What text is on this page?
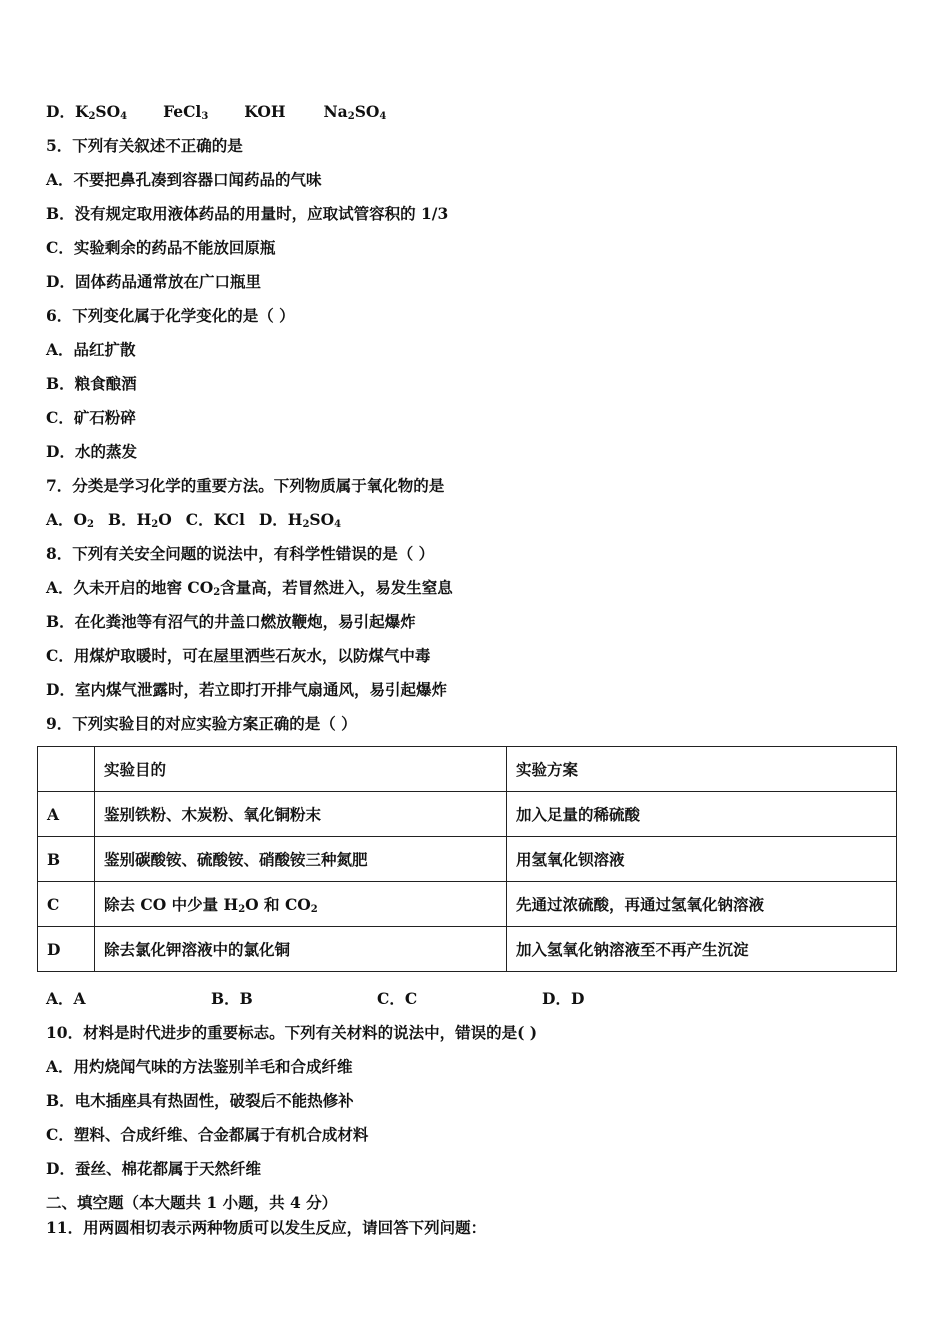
D．$K_2SO_4$ FeCl$_3$ KOH $Na_2SO_4$
5．下列有关叙述不正确的是
A．不要把鼻孔凑到容器口闻药品的气味
B．没有规定取用液体药品的用量时，应取试管容积的 1/3
C．实验剩余的药品不能放回原瓶
D．固体药品通常放在广口瓶里
6．下列变化属于化学变化的是（ ）
A．品红扩散
B．粮食酿酒
C．矿石粉碎
D．水的蒸发
7．分类是学习化学的重要方法。下列物质属于氧化物的是
A．$O_2$ B．$H_2O$ C．KCl D．$H_2SO_4$
8．下列有关安全问题的说法中，有科学性错误的是（ ）
A．久未开启的地窖 $CO_2$含量高，若冒然进入，易发生窒息
B．在化粪池等有沼气的井盖口燃放鞭炮，易引起爆炸
C．用煤炉取暖时，可在屋里洒些石灰水，以防煤气中毒
D．室内煤气泄露时，若立即打开排气扇通风，易引起爆炸
9．下列实验目的对应实验方案正确的是（ ）
	实验目的	实验方案
A	鉴别铁粉、木炭粉、氧化铜粉末	加入足量的稀硫酸
B	鉴别碳酸铵、硫酸铵、硝酸铵三种氮肥	用氢氧化钡溶液
C	除去 CO 中少量 $H_2O$ 和 $CO_2$	先通过浓硫酸，再通过氢氧化钠溶液
D	除去氯化钾溶液中的氯化铜	加入氢氧化钠溶液至不再产生沉淀
A．A	B．B	C．C	D．D
10．材料是时代进步的重要标志。下列有关材料的说法中，错误的是( )
A．用灼烧闻气味的方法鉴别羊毛和合成纤维
B．电木插座具有热固性，破裂后不能热修补
C．塑料、合成纤维、合金都属于有机合成材料
D．蚕丝、棉花都属于天然纤维
二、填空题（本大题共 1 小题，共 4 分）
11．用两圆相切表示两种物质可以发生反应，请回答下列问题：
